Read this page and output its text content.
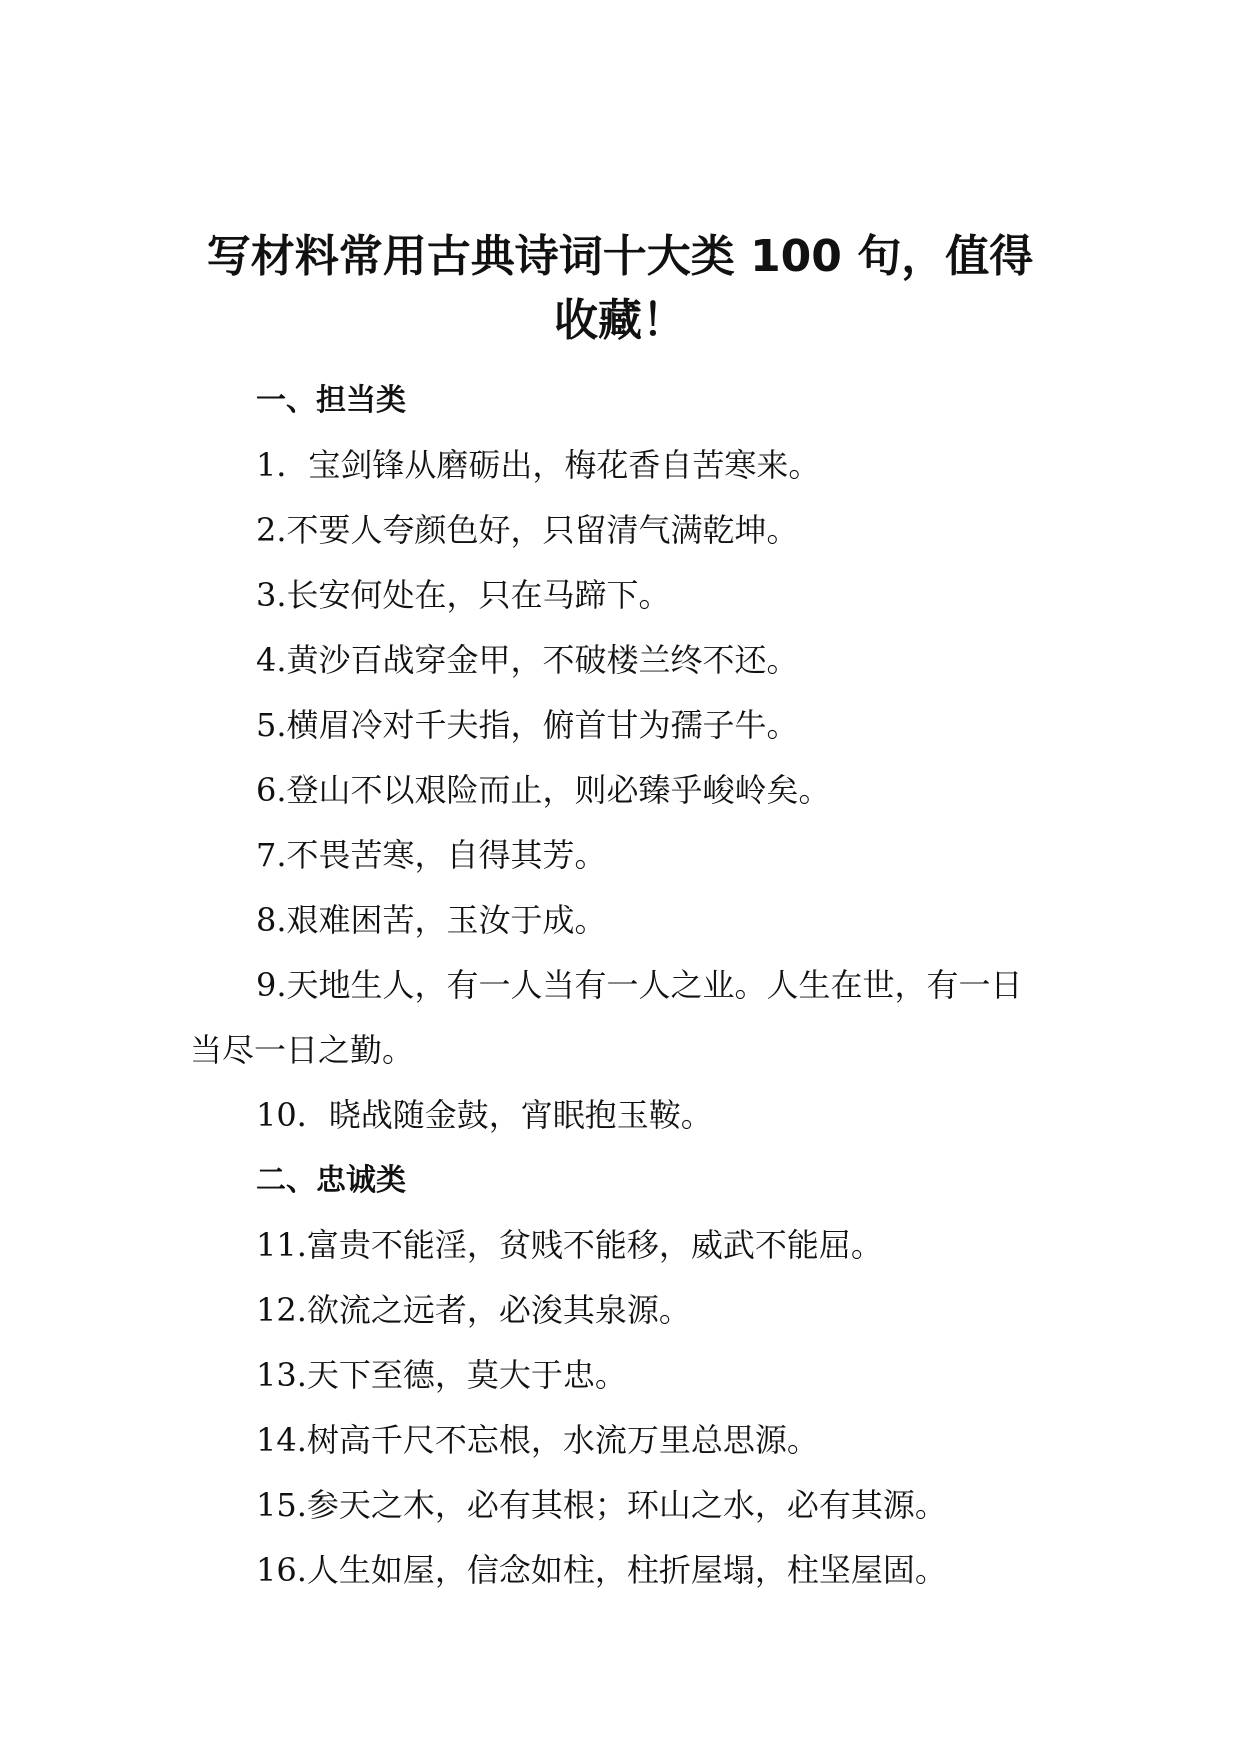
写材料常用古典诗词十大类 100 句，值得
收藏！
一、担当类
1．宝剑锋从磨砺出，梅花香自苦寒来。
2.不要人夸颜色好，只留清气满乾坤。
3.长安何处在，只在马蹄下。
4.黄沙百战穿金甲，不破楼兰终不还。
5.横眉冷对千夫指，俯首甘为孺子牛。
6.登山不以艰险而止，则必臻乎峻岭矣。
7.不畏苦寒，自得其芳。
8.艰难困苦，玉汝于成。
9.天地生人，有一人当有一人之业。人生在世，有一日
当尽一日之勤。
10．晓战随金鼓，宵眠抱玉鞍。
二、忠诚类
11.富贵不能淫，贫贱不能移，威武不能屈。
12.欲流之远者，必浚其泉源。
13.天下至德，莫大于忠。
14.树高千尺不忘根，水流万里总思源。
15.参天之木，必有其根；环山之水，必有其源。
16.人生如屋，信念如柱，柱折屋塌，柱坚屋固。
